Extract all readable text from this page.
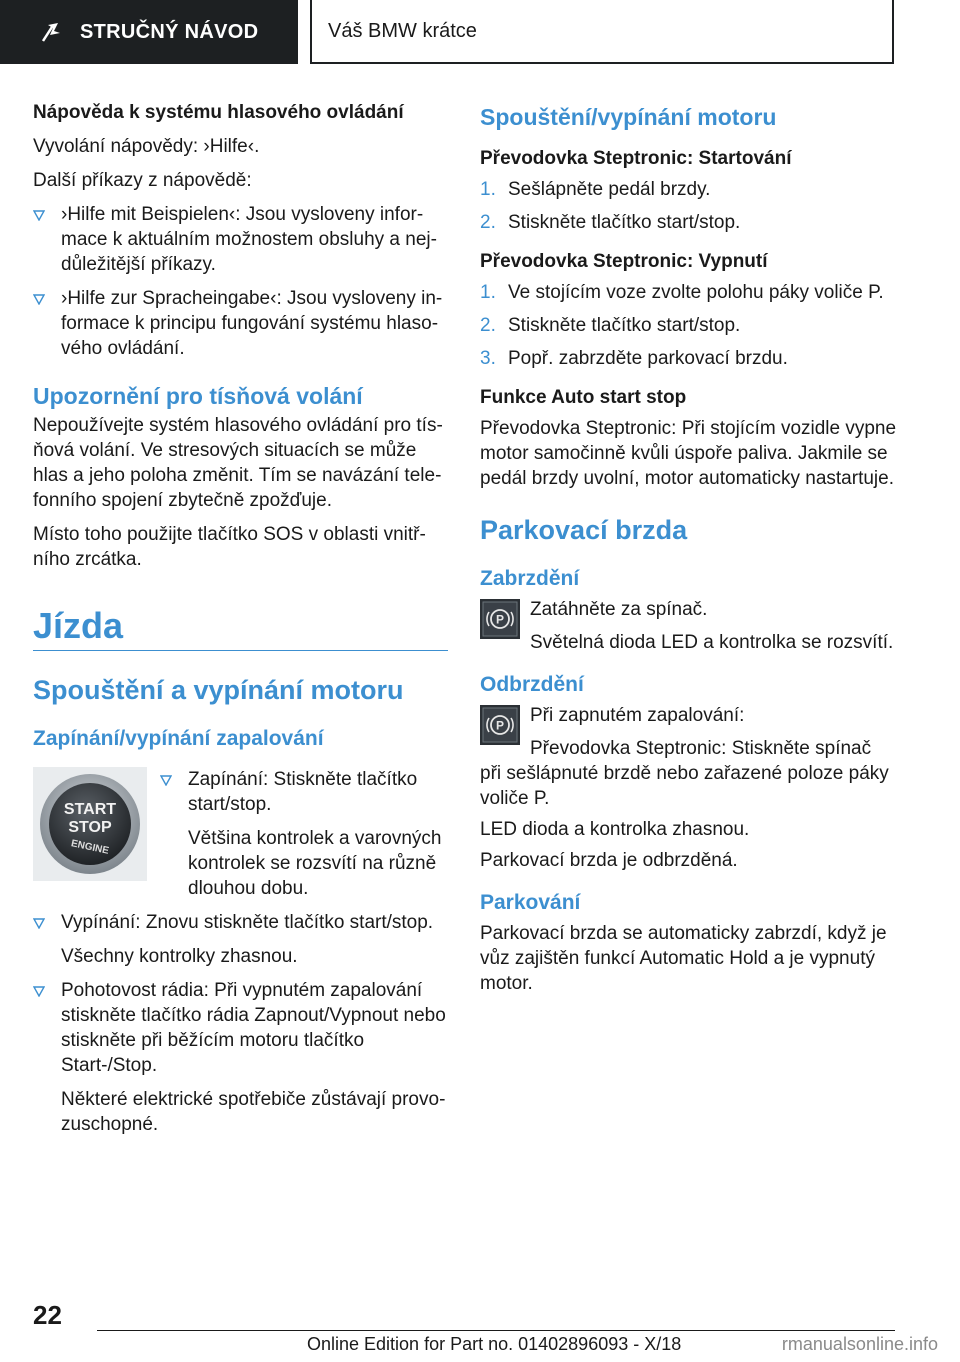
STRUČNÝ NÁVOD	Váš BMW krátce

Nápověda k systému hlasového ovládání

Vyvolání nápovědy: ›Hilfe‹.

Další příkazy z nápovědě:

›Hilfe mit Beispielen‹: Jsou vysloveny informace k aktuálním možnostem obsluhy a nejdůležitější příkazy.
›Hilfe zur Spracheingabe‹: Jsou vysloveny informace k principu fungování systému hlasového ovládání.

Upozornění pro tísňová volání

Nepoužívejte systém hlasového ovládání pro tísňová volání. Ve stresových situacích se může hlas a jeho poloha změnit. Tím se navázání telefonního spojení zbytečně zpožďuje.

Místo toho použijte tlačítko SOS v oblasti vnitřního zrcátka.

Jízda

Spouštění a vypínání motoru

Zapínání/vypínání zapalování

START
STOP
ENGINE
Zapínání: Stiskněte tlačítko start/stop.

Většina kontrolek a varovných kontrolek se rozsvítí na různě dlouhou dobu.

Vypínání: Znovu stiskněte tlačítko start/stop.

Všechny kontrolky zhasnou.

Pohotovost rádia: Při vypnutém zapalování stiskněte tlačítko rádia Zapnout/Vypnout nebo stiskněte při běžícím motoru tlačítko Start-/Stop.

Některé elektrické spotřebiče zůstávají provozuschopné.

Spouštění/vypínání motoru

Převodovka Steptronic: Startování

1. Sešlápněte pedál brzdy.
2. Stiskněte tlačítko start/stop.

Převodovka Steptronic: Vypnutí

1. Ve stojícím voze zvolte polohu páky voliče P.
2. Stiskněte tlačítko start/stop.
3. Popř. zabrzděte parkovací brzdu.

Funkce Auto start stop

Převodovka Steptronic: Při stojícím vozidle vypne motor samočinně kvůli úspoře paliva. Jakmile se pedál brzdy uvolní, motor automaticky nastartuje.

Parkovací brzda

Zabrzdění

P Zatáhněte za spínač.

Světelná dioda LED a kontrolka se rozsvítí.

Odbrzdění

P Při zapnutém zapalování:

Převodovka Steptronic: Stiskněte spínač

při sešlápnuté brzdě nebo zařazené poloze páky voliče P.

LED dioda a kontrolka zhasnou.

Parkovací brzda je odbrzděná.

Parkování

Parkovací brzda se automaticky zabrzdí, když je vůz zajištěn funkcí Automatic Hold a je vypnutý motor.

22
Online Edition for Part no. 01402896093 - X/18	rmanualsonline.info
